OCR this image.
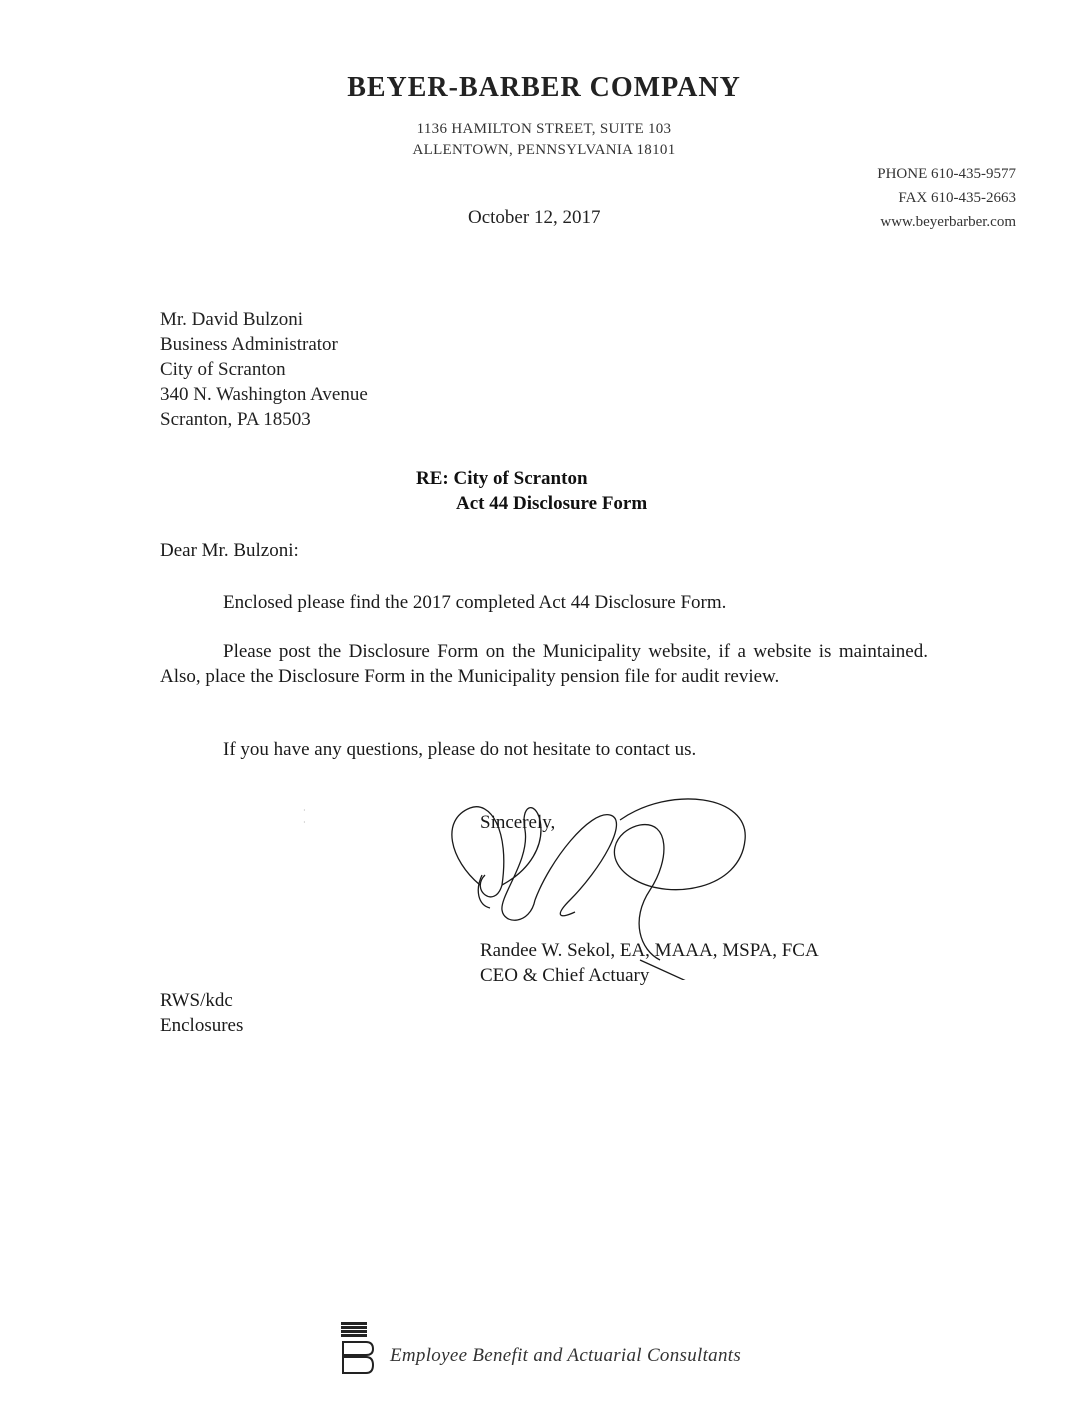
BEYER-BARBER COMPANY
1136 HAMILTON STREET, SUITE 103
ALLENTOWN, PENNSYLVANIA 18101
PHONE 610-435-9577
FAX 610-435-2663
www.beyerbarber.com
October 12, 2017
Mr. David Bulzoni
Business Administrator
City of Scranton
340 N. Washington Avenue
Scranton, PA 18503
RE: City of Scranton
Act 44 Disclosure Form
Dear Mr. Bulzoni:
Enclosed please find the 2017 completed Act 44 Disclosure Form.
Please post the Disclosure Form on the Municipality website, if a website is maintained. Also, place the Disclosure Form in the Municipality pension file for audit review.
If you have any questions, please do not hesitate to contact us.
·
·	Sincerely,
Randee W. Sekol, EA, MAAA, MSPA, FCA
CEO & Chief Actuary
RWS/kdc
Enclosures
Employee Benefit and Actuarial Consultants
